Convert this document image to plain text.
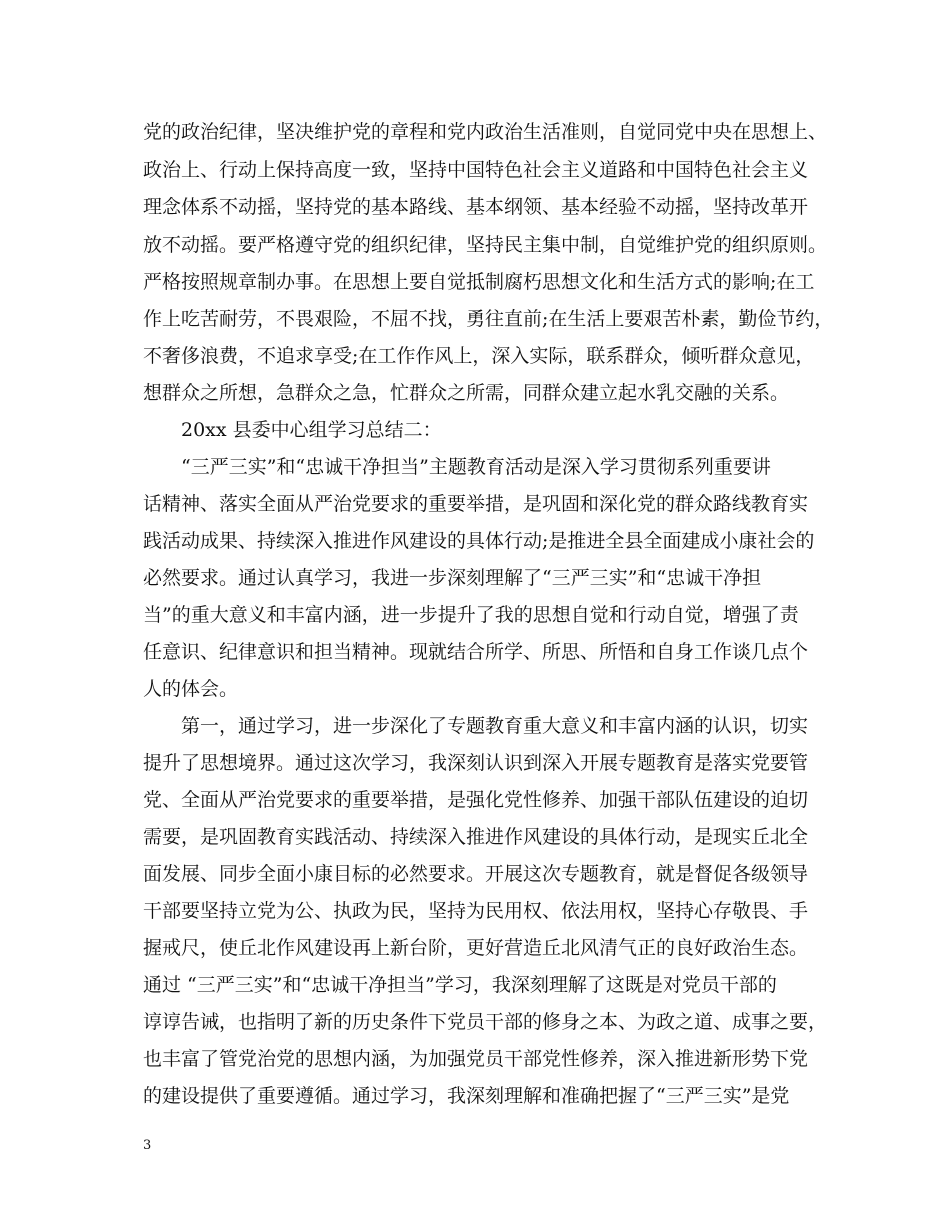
党的政治纪律，坚决维护党的章程和党内政治生活准则，自觉同党中央在思想上、
政治上、行动上保持高度一致，坚持中国特色社会主义道路和中国特色社会主义
理念体系不动摇，坚持党的基本路线、基本纲领、基本经验不动摇，坚持改革开
放不动摇。要严格遵守党的组织纪律，坚持民主集中制，自觉维护党的组织原则。
严格按照规章制办事。在思想上要自觉抵制腐朽思想文化和生活方式的影响;在工
作上吃苦耐劳，不畏艰险，不屈不找，勇往直前;在生活上要艰苦朴素，勤俭节约，
不奢侈浪费，不追求享受;在工作作风上，深入实际，联系群众，倾听群众意见，
想群众之所想，急群众之急，忙群众之所需，同群众建立起水乳交融的关系。
20xx 县委中心组学习总结二：
“三严三实”和“忠诚干净担当”主题教育活动是深入学习贯彻系列重要讲
话精神、落实全面从严治党要求的重要举措，是巩固和深化党的群众路线教育实
践活动成果、持续深入推进作风建设的具体行动;是推进全县全面建成小康社会的
必然要求。通过认真学习，我进一步深刻理解了“三严三实”和“忠诚干净担
当”的重大意义和丰富内涵，进一步提升了我的思想自觉和行动自觉，增强了责
任意识、纪律意识和担当精神。现就结合所学、所思、所悟和自身工作谈几点个
人的体会。
第一，通过学习，进一步深化了专题教育重大意义和丰富内涵的认识，切实
提升了思想境界。通过这次学习，我深刻认识到深入开展专题教育是落实党要管
党、全面从严治党要求的重要举措，是强化党性修养、加强干部队伍建设的迫切
需要，是巩固教育实践活动、持续深入推进作风建设的具体行动，是现实丘北全
面发展、同步全面小康目标的必然要求。开展这次专题教育，就是督促各级领导
干部要坚持立党为公、执政为民，坚持为民用权、依法用权，坚持心存敬畏、手
握戒尺，使丘北作风建设再上新台阶，更好营造丘北风清气正的良好政治生态。
通过 “三严三实”和“忠诚干净担当”学习，我深刻理解了这既是对党员干部的
谆谆告诫，也指明了新的历史条件下党员干部的修身之本、为政之道、成事之要，
也丰富了管党治党的思想内涵，为加强党员干部党性修养，深入推进新形势下党
的建设提供了重要遵循。通过学习，我深刻理解和准确把握了“三严三实”是党
3
